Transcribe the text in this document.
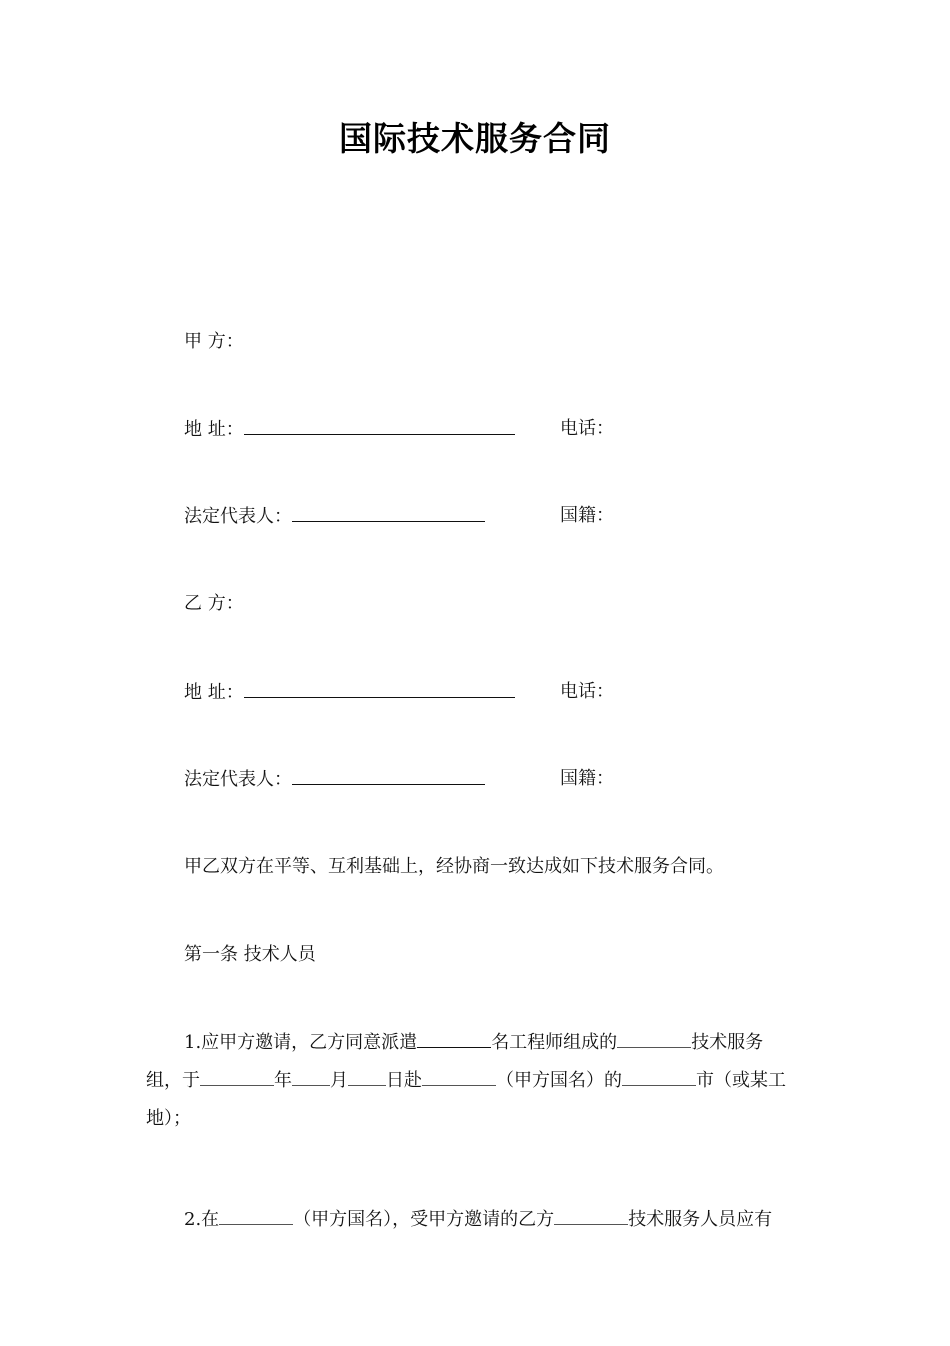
国际技术服务合同
甲 方：
地 址：	电话：
法定代表人：	国籍：
乙 方：
地 址：	电话：
法定代表人：	国籍：
甲乙双方在平等、互利基础上，经协商一致达成如下技术服务合同。
第一条 技术人员
1.应甲方邀请，乙方同意派遣	名工程师组成的	技术服务
组，于	年 月 日赴	（甲方国名）的	市（或某工
地）；
2.在	（甲方国名），受甲方邀请的乙方	技术服务人员应有
